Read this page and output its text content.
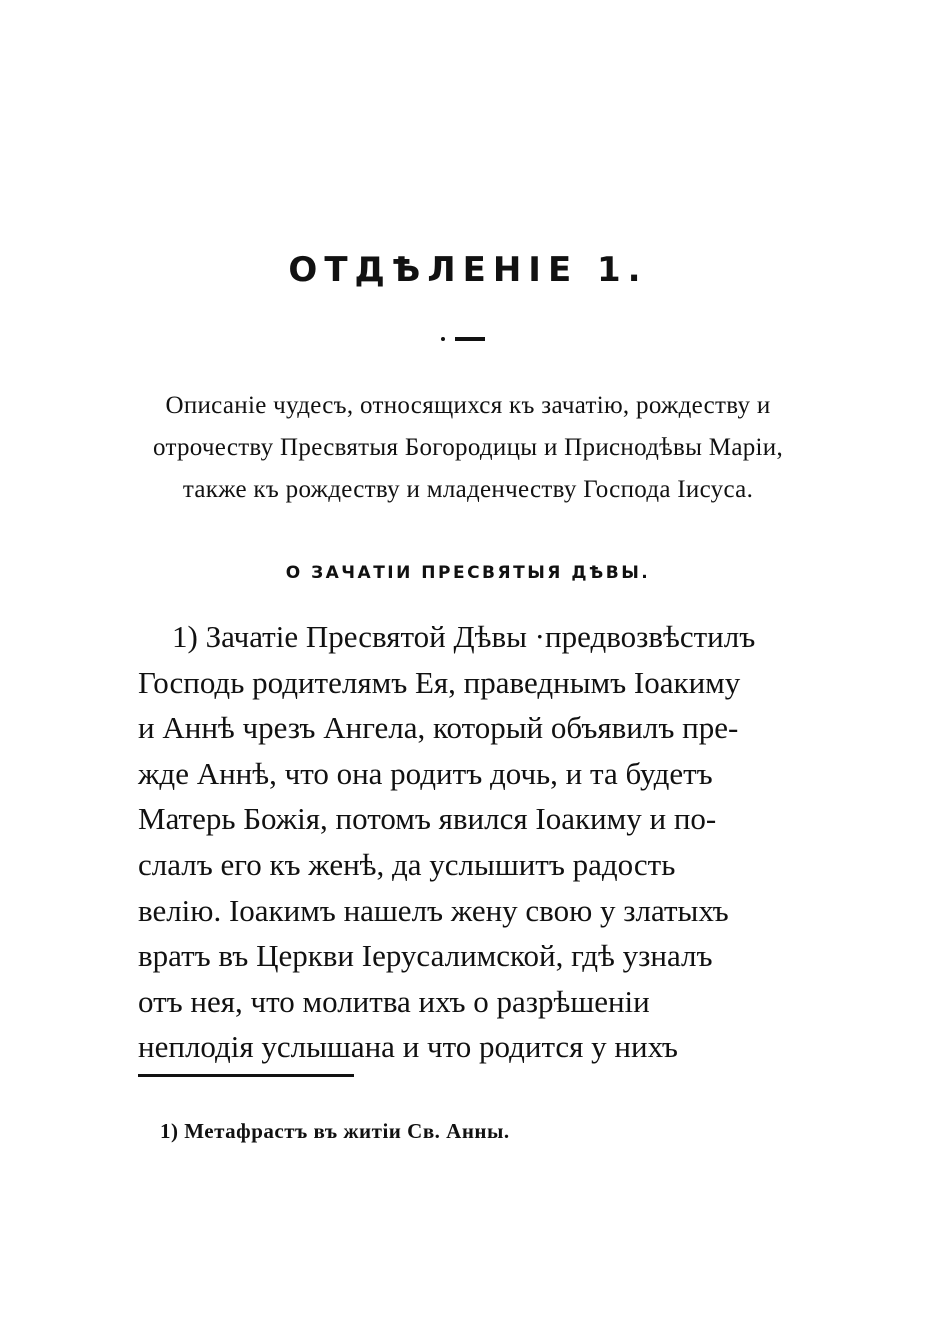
ОТДѢЛЕНІЕ 1.
Описаніе чудесъ, относящихся къ зачатію, рождеству и
отрочеству Пресвятыя Богородицы и Приснодѣвы Маріи,
также къ рождеству и младенчеству Господа Іисуса.
О ЗАЧАТІИ ПРЕСВЯТЫЯ ДѢВЫ.
1) Зачатіе Пресвятой Дѣвы ·предвозвѣстилъ
Господь родителямъ Ея, праведнымъ Іоакиму
и Аннѣ чрезъ Ангела, который объявилъ пре-
жде Аннѣ, что она родитъ дочь, и та будетъ
Матерь Божія, потомъ явился Іоакиму и по-
слалъ его къ женѣ, да услышитъ радость
велію. Іоакимъ нашелъ жену свою у златыхъ
вратъ въ Церкви Іерусалимской, гдѣ узналъ
отъ нея, что молитва ихъ о разрѣшеніи
неплодія услышана и что родится у нихъ
1) Метафрастъ въ житіи Св. Анны.
